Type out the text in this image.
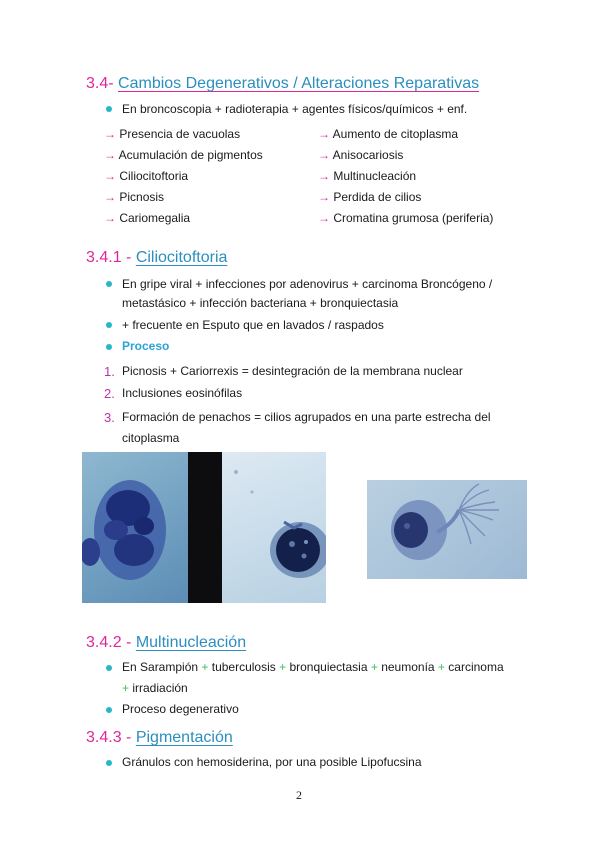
3.4- Cambios Degenerativos / Alteraciones Reparativas
En broncoscopia + radioterapia + agentes físicos/químicos + enf.
→ Presencia de vacuolas
→ Acumulación de pigmentos
→ Ciliocitoftoria
→ Picnosis
→ Cariomegalia
→ Aumento de citoplasma
→ Anisocariosis
→ Multinucleación
→ Perdida de cilios
→ Cromatina grumosa (periferia)
3.4.1 - Ciliocitoftoria
En gripe viral + infecciones por adenovirus + carcinoma Broncógeno /
metastásico + infección bacteriana + bronquiectasia
+ frecuente en Esputo que en lavados / raspados
Proceso
1. Picnosis + Cariorrexis = desintegración de la membrana nuclear
2. Inclusiones eosinófilas
3. Formación de penachos = cilios agrupados en una parte estrecha del
citoplasma
3.4.2 - Multinucleación
En Sarampión + tuberculosis + bronquiectasia + neumonía + carcinoma
+ irradiación
Proceso degenerativo
3.4.3 - Pigmentación
Gránulos con hemosiderina, por una posible Lipofucsina
2
